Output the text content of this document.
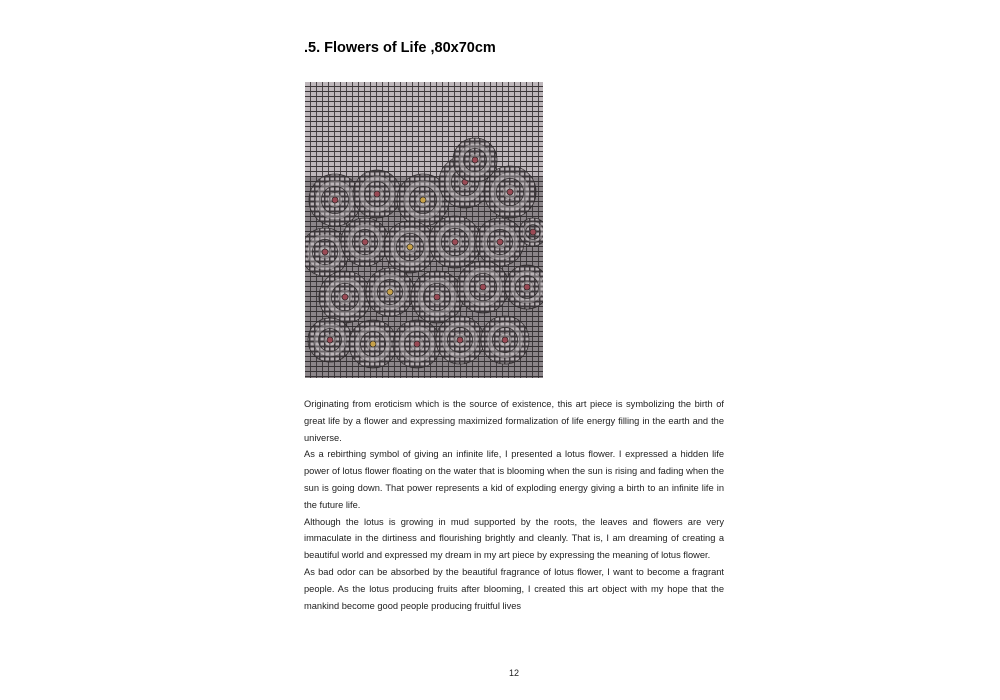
.5. Flowers of Life ,80x70cm

Originating from eroticism which is the source of existence, this art piece is symbolizing the birth of great life by a flower and expressing maximized formalization of life energy filling in the earth and the universe.

As a rebirthing symbol of giving an infinite life, I presented a lotus flower. I expressed a hidden life power of lotus flower floating on the water that is blooming when the sun is rising and fading when the sun is going down. That power represents a kid of exploding energy giving a birth to an infinite life in the future life.

Although the lotus is growing in mud supported by the roots, the leaves and flowers are very immaculate in the dirtiness and flourishing brightly and cleanly. That is, I am dreaming of creating a beautiful world and expressed my dream in my art piece by expressing the meaning of lotus flower.

As bad odor can be absorbed by the beautiful fragrance of lotus flower, I want to become a fragrant people. As the lotus producing fruits after blooming, I created this art object with my hope that the mankind become good people producing fruitful lives

12
